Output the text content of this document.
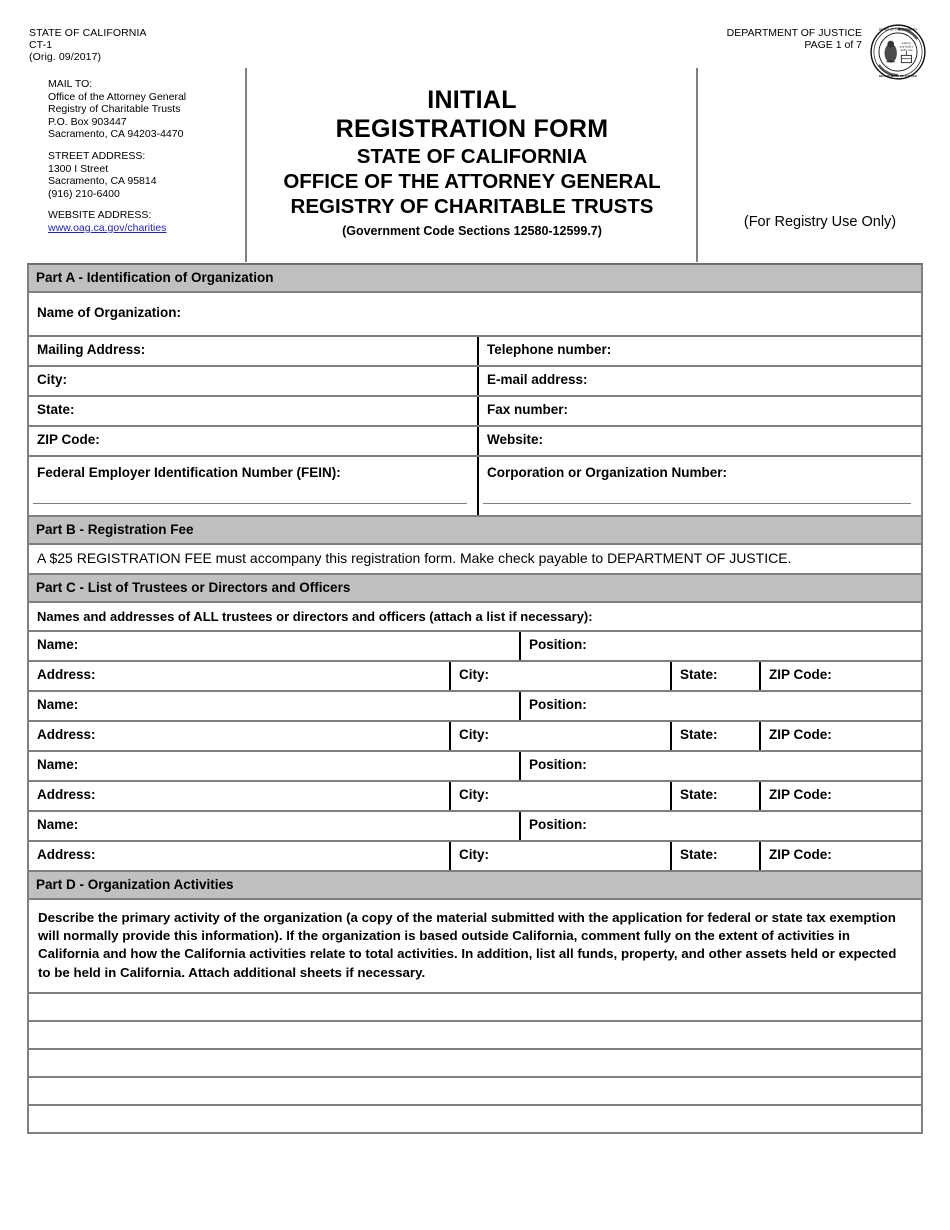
STATE OF CALIFORNIA
CT-1
(Orig. 09/2017)
DEPARTMENT OF JUSTICE
PAGE 1 of 7
OFFICE OF THE ATTORNEY
DEPARTMENT OF JUSTICE
Liberty
and justice
under law
MAIL TO:
Office of the Attorney General
Registry of Charitable Trusts
P.O. Box 903447
Sacramento, CA 94203-4470
STREET ADDRESS:
1300 I Street
Sacramento, CA 95814
(916) 210-6400
WEBSITE ADDRESS:
www.oag.ca.gov/charities
INITIAL
REGISTRATION FORM
STATE OF CALIFORNIA
OFFICE OF THE ATTORNEY GENERAL
REGISTRY OF CHARITABLE TRUSTS
(Government Code Sections 12580-12599.7)
(For Registry Use Only)
Part A - Identification of Organization
Name of Organization:
Mailing Address:	Telephone number:
City:	E-mail address:
State:	Fax number:
ZIP Code:	Website:
Federal Employer Identification Number (FEIN):	Corporation or Organization Number:
Part B - Registration Fee
A $25 REGISTRATION FEE must accompany this registration form. Make check payable to DEPARTMENT OF JUSTICE.
Part C - List of Trustees or Directors and Officers
Names and addresses of ALL trustees or directors and officers (attach a list if necessary):
Name:	Position:
Address:	City:	State:	ZIP Code:
Name:	Position:
Address:	City:	State:	ZIP Code:
Name:	Position:
Address:	City:	State:	ZIP Code:
Name:	Position:
Address:	City:	State:	ZIP Code:
Part D - Organization Activities
Describe the primary activity of the organization (a copy of the material submitted with the application for federal or state tax exemption will normally provide this information). If the organization is based outside California, comment fully on the extent of activities in California and how the California activities relate to total activities. In addition, list all funds, property, and other assets held or expected to be held in California. Attach additional sheets if necessary.
